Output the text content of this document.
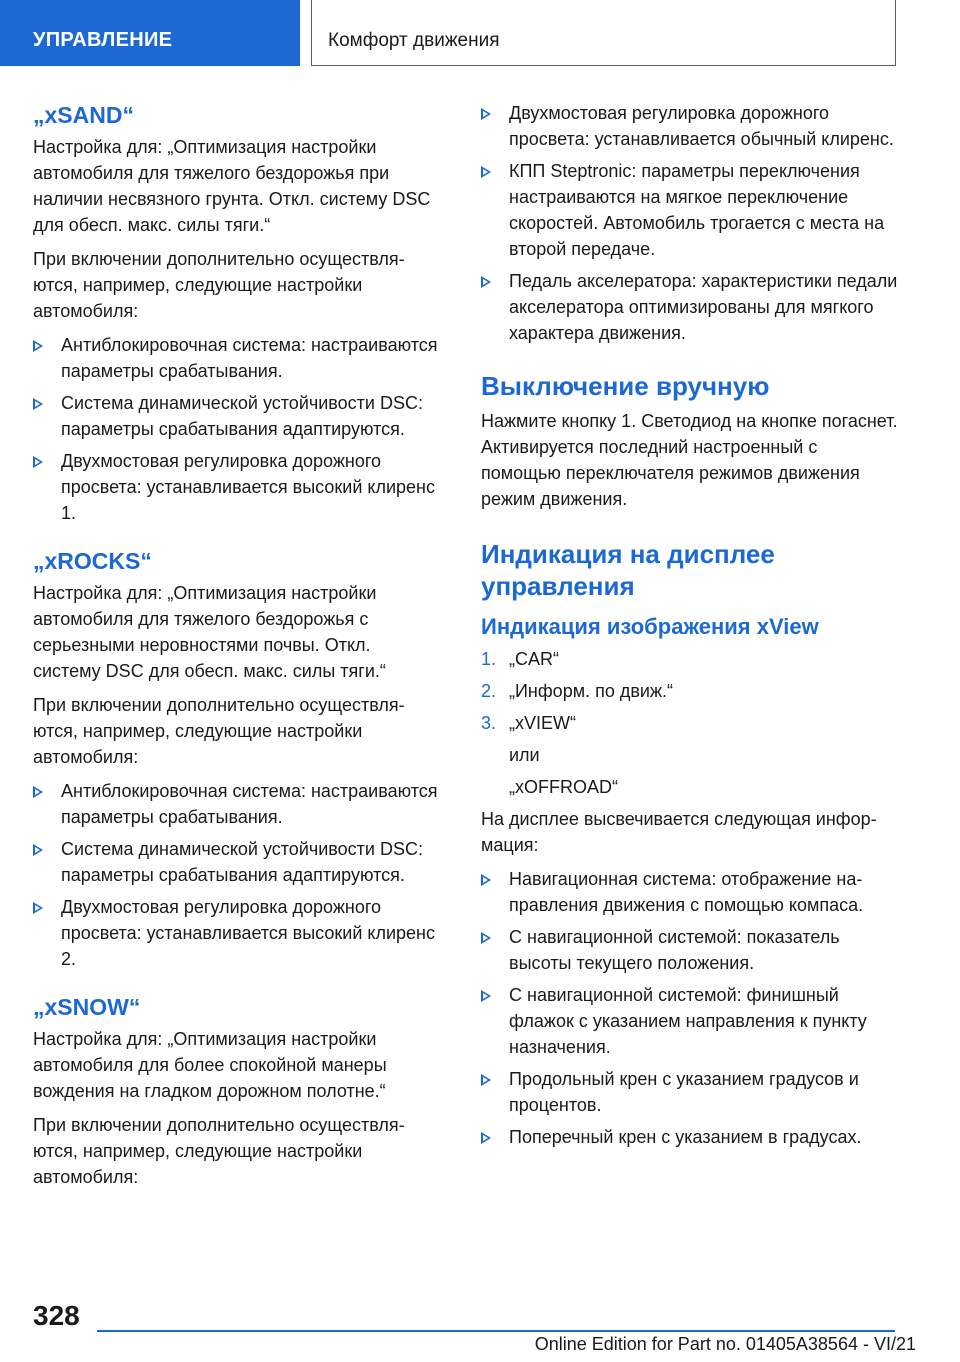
УПРАВЛЕНИЕ	Комфорт движения
„xSAND“

Настройка для: „Оптимизация настройки автомобиля для тяжелого бездорожья при наличии несвязного грунта. Откл. систему DSC для обесп. макс. силы тяги.“

При включении дополнительно осуществляются, например, следующие настройки автомобиля:

Антиблокировочная система: настраиваются параметры срабатывания.
Система динамической устойчивости DSC: параметры срабатывания адаптируются.
Двухмостовая регулировка дорожного просвета: устанавливается высокий клиренс 1.
„xROCKS“

Настройка для: „Оптимизация настройки автомобиля для тяжелого бездорожья с серьезными неровностями почвы. Откл. систему DSC для обесп. макс. силы тяги.“

При включении дополнительно осуществляются, например, следующие настройки автомобиля:

Антиблокировочная система: настраиваются параметры срабатывания.
Система динамической устойчивости DSC: параметры срабатывания адаптируются.
Двухмостовая регулировка дорожного просвета: устанавливается высокий клиренс 2.
„xSNOW“

Настройка для: „Оптимизация настройки автомобиля для более спокойной манеры вождения на гладком дорожном полотне.“

При включении дополнительно осуществляются, например, следующие настройки автомобиля:

Двухмостовая регулировка дорожного просвета: устанавливается обычный клиренс.
КПП Steptronic: параметры переключения настраиваются на мягкое переключение скоростей. Автомобиль трогается с места на второй передаче.
Педаль акселератора: характеристики педали акселератора оптимизированы для мягкого характера движения.
Выключение вручную

Нажмите кнопку 1. Светодиод на кнопке погаснет. Активируется последний настроенный с помощью переключателя режимов движения режим движения.

Индикация на дисплее управления
Индикация изображения xView
1. „CAR“
2. „Информ. по движ.“
3. „xVIEW“
или
„xOFFROAD“

На дисплее высвечивается следующая информация:

Навигационная система: отображение направления движения с помощью компаса.
С навигационной системой: показатель высоты текущего положения.
С навигационной системой: финишный флажок с указанием направления к пункту назначения.
Продольный крен с указанием градусов и процентов.
Поперечный крен с указанием в градусах.
328
Online Edition for Part no. 01405A38564 - VI/21
